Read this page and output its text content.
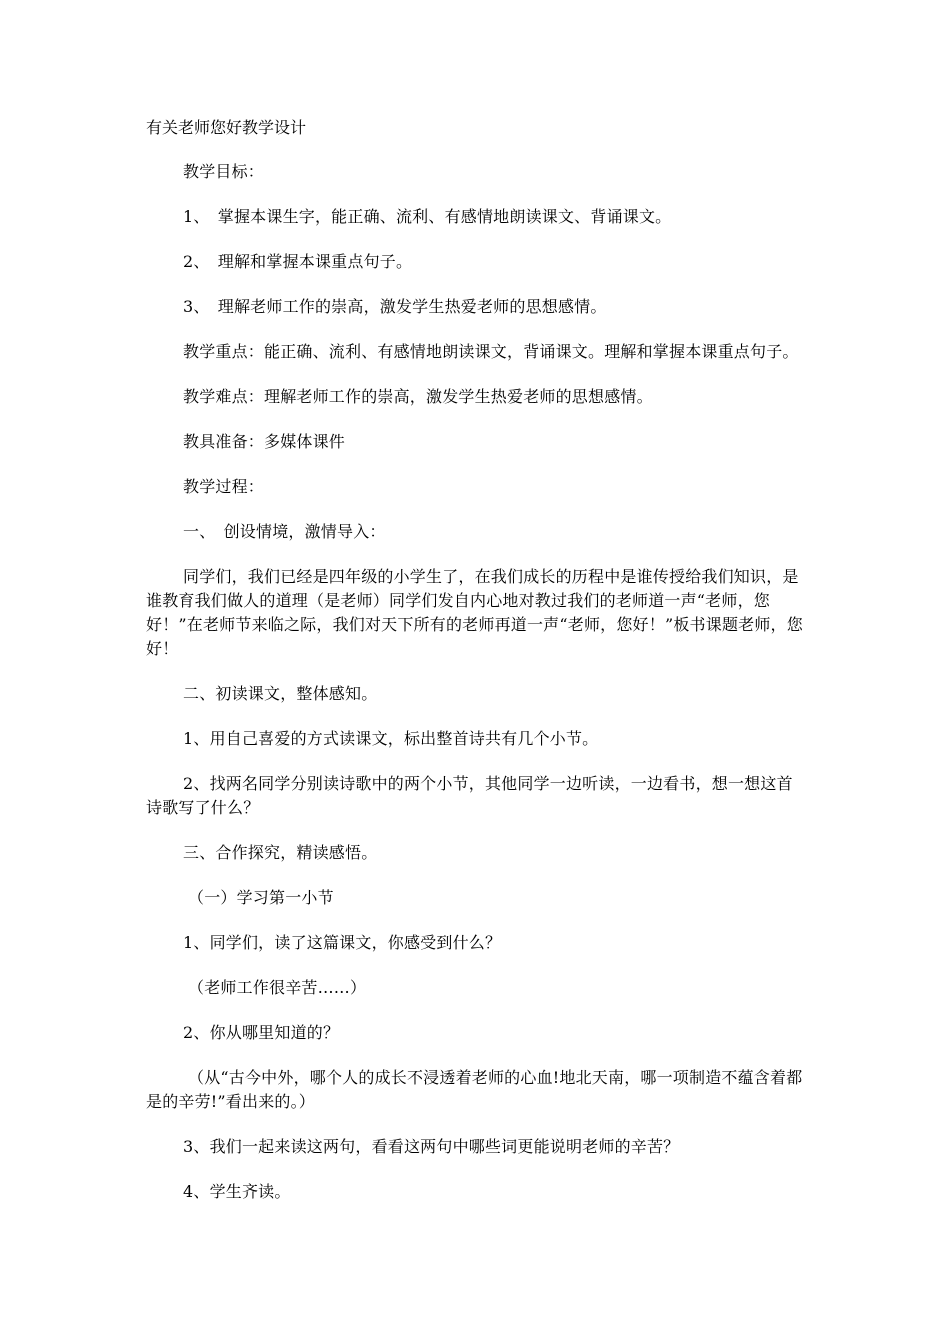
有关老师您好教学设计

教学目标：

1、　掌握本课生字，能正确、流利、有感情地朗读课文、背诵课文。

2、　理解和掌握本课重点句子。

3、　理解老师工作的崇高，激发学生热爱老师的思想感情。

教学重点：能正确、流利、有感情地朗读课文，背诵课文。理解和掌握本课重点句子。

教学难点：理解老师工作的崇高，激发学生热爱老师的思想感情。

教具准备：多媒体课件

教学过程：

一、　创设情境，激情导入：

同学们，我们已经是四年级的小学生了，在我们成长的历程中是谁传授给我们知识，是谁教育我们做人的道理（是老师）同学们发自内心地对教过我们的老师道一声“老师，您好！”在老师节来临之际，我们对天下所有的老师再道一声“老师，您好！”板书课题老师，您好！

二、初读课文，整体感知。

1、用自己喜爱的方式读课文，标出整首诗共有几个小节。

2、找两名同学分别读诗歌中的两个小节，其他同学一边听读，一边看书，想一想这首诗歌写了什么？

三、合作探究，精读感悟。

（一）学习第一小节

1、同学们，读了这篇课文，你感受到什么？

（老师工作很辛苦……）

2、你从哪里知道的？

（从“古今中外，哪个人的成长不浸透着老师的心血!地北天南，哪一项制造不蕴含着都是的辛劳!”看出来的。）

3、我们一起来读这两句，看看这两句中哪些词更能说明老师的辛苦？

4、学生齐读。
